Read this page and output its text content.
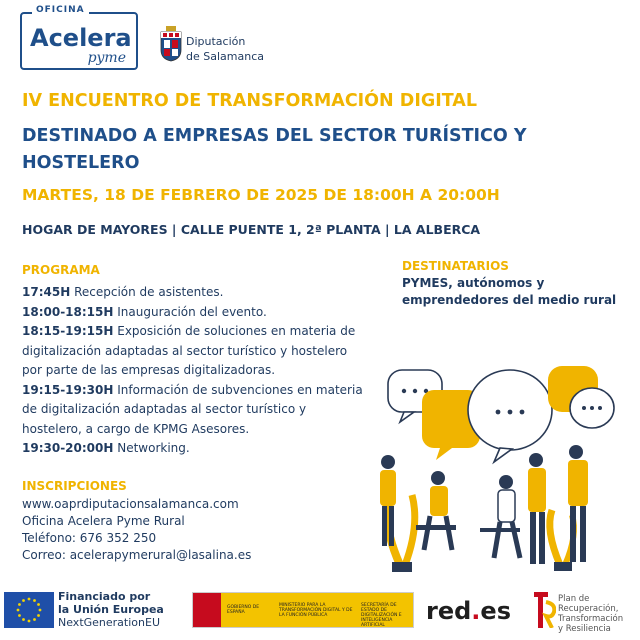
OFICINA
Acelera
pyme
Diputación
de Salamanca
IV ENCUENTRO DE TRANSFORMACIÓN DIGITAL
DESTINADO A EMPRESAS DEL SECTOR TURÍSTICO Y HOSTELERO
MARTES, 18 DE FEBRERO DE 2025 DE 18:00H A 20:00H
HOGAR DE MAYORES | CALLE PUENTE 1, 2ª PLANTA | LA ALBERCA
PROGRAMA

17:45H Recepción de asistentes.

18:00-18:15H Inauguración del evento.

18:15-19:15H Exposición de soluciones en materia de digitalización adaptadas al sector turístico y hostelero por parte de las empresas digitalizadoras.

19:15-19:30H Información de subvenciones en materia de digitalización adaptadas al sector turístico y hostelero, a cargo de KPMG Asesores.

19:30-20:00H Networking.

DESTINATARIOS
PYMES, autónomos y emprendedores del medio rural
INSCRIPCIONES
www.oaprdiputacionsalamanca.com
Oficina Acelera Pyme Rural
Teléfono: 676 352 250
Correo: acelerapymerural@lasalina.es
Financiado por
la Unión Europea
NextGenerationEU
GOBIERNO DE ESPAÑA
MINISTERIO PARA LA TRANSFORMACIÓN DIGITAL Y DE LA FUNCIÓN PÚBLICA
SECRETARÍA DE ESTADO DE DIGITALIZACIÓN E INTELIGENCIA ARTIFICIAL
red.es	Plan de
Recuperación,
Transformación
y Resiliencia
